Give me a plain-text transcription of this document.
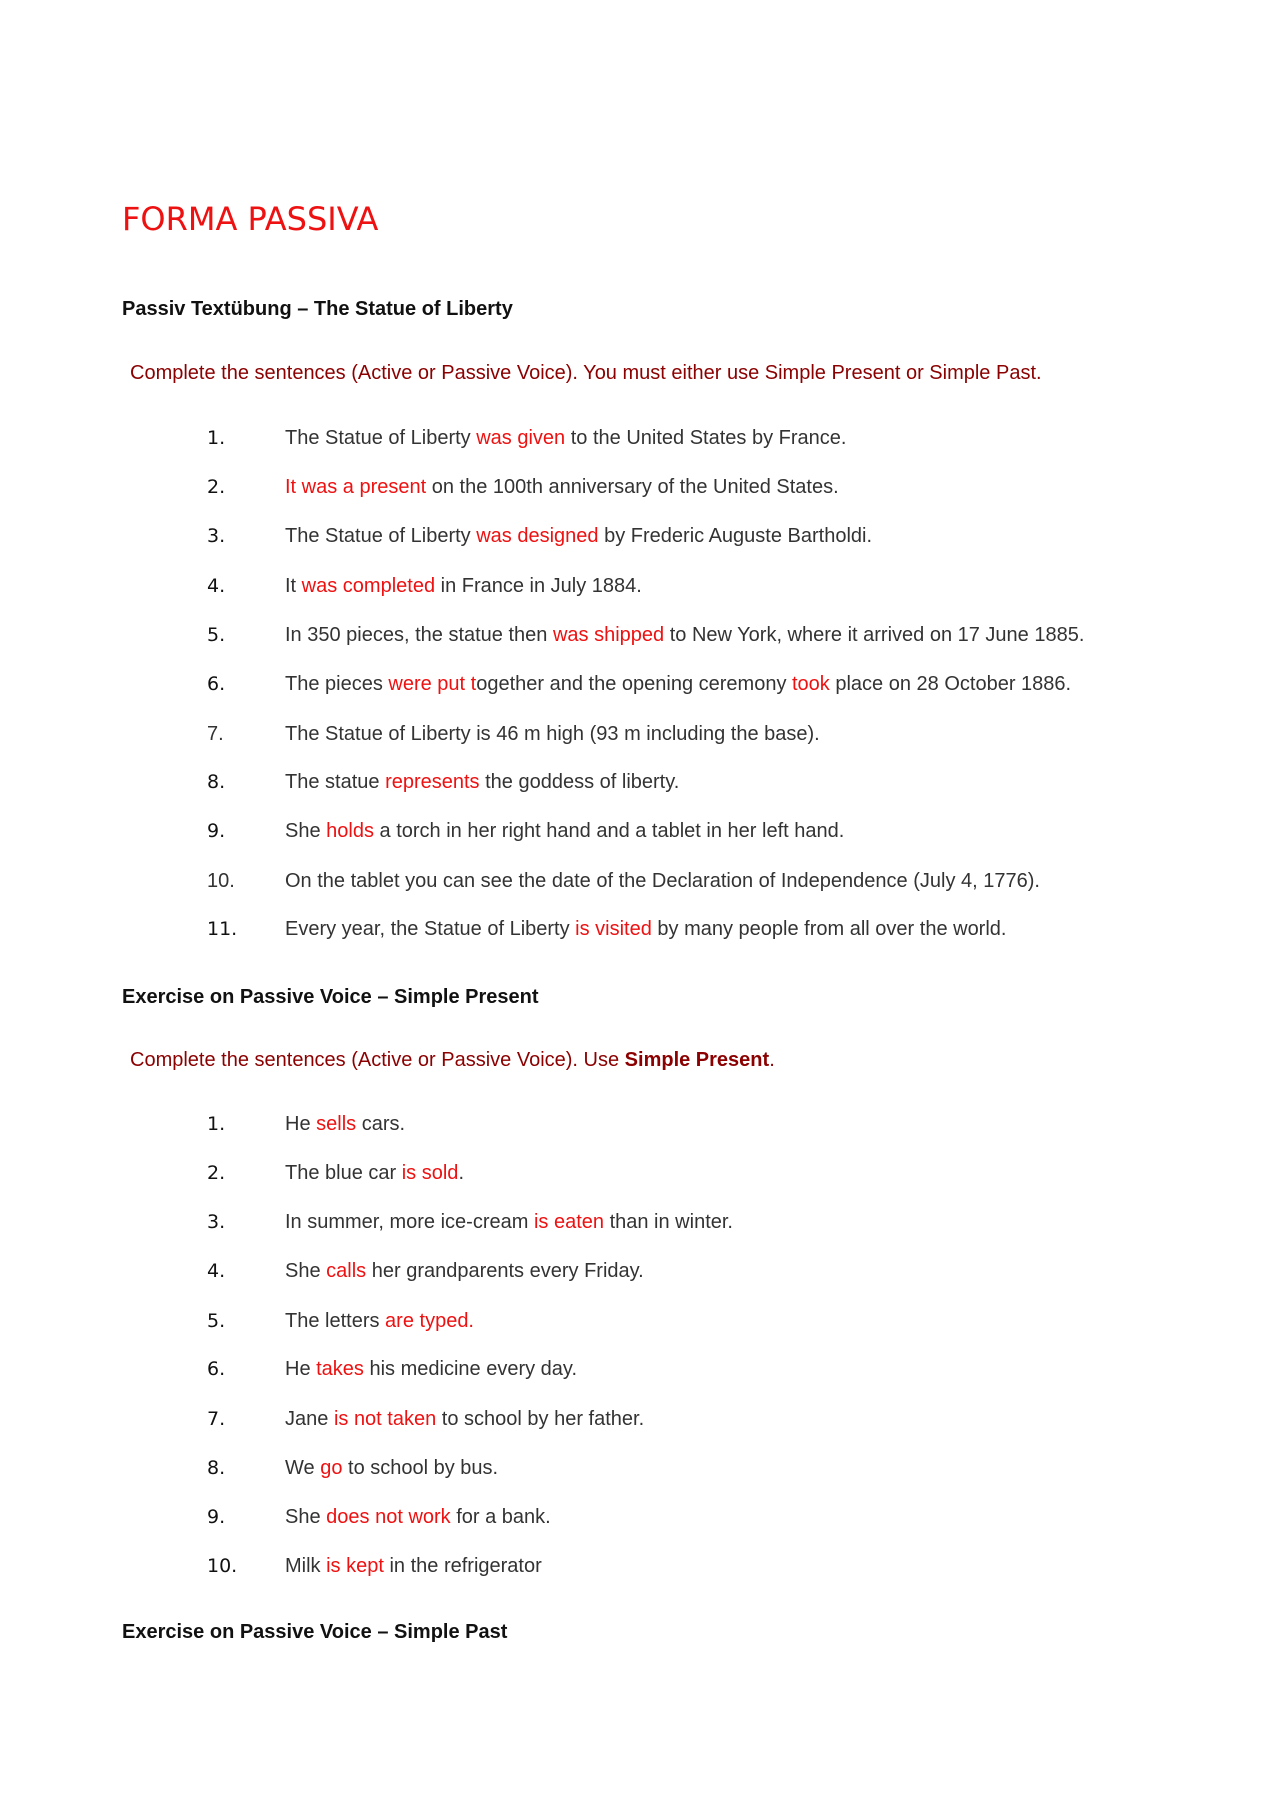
FORMA PASSIVA
Passiv Textübung – The Statue of Liberty

Complete the sentences (Active or Passive Voice). You must either use Simple Present or Simple Past.

1.	The Statue of Liberty was given to the United States by France.
2.	It was a present on the 100th anniversary of the United States.
3.	The Statue of Liberty was designed by Frederic Auguste Bartholdi.
4.	It was completed in France in July 1884.
5.	In 350 pieces, the statue then was shipped to New York, where it arrived on 17 June 1885.
6.	The pieces were put together and the opening ceremony took place on 28 October 1886.
7.	The Statue of Liberty is 46 m high (93 m including the base).
8.	The statue represents the goddess of liberty.
9.	She holds a torch in her right hand and a tablet in her left hand.
10.	On the tablet you can see the date of the Declaration of Independence (July 4, 1776).
11.	Every year, the Statue of Liberty is visited by many people from all over the world.
Exercise on Passive Voice – Simple Present

Complete the sentences (Active or Passive Voice). Use Simple Present.

1.	He sells cars.
2.	The blue car is sold.
3.	In summer, more ice-cream is eaten than in winter.
4.	She calls her grandparents every Friday.
5.	The letters are typed.
6.	He takes his medicine every day.
7.	Jane is not taken to school by her father.
8.	We go to school by bus.
9.	She does not work for a bank.
10.	Milk is kept in the refrigerator
Exercise on Passive Voice – Simple Past
